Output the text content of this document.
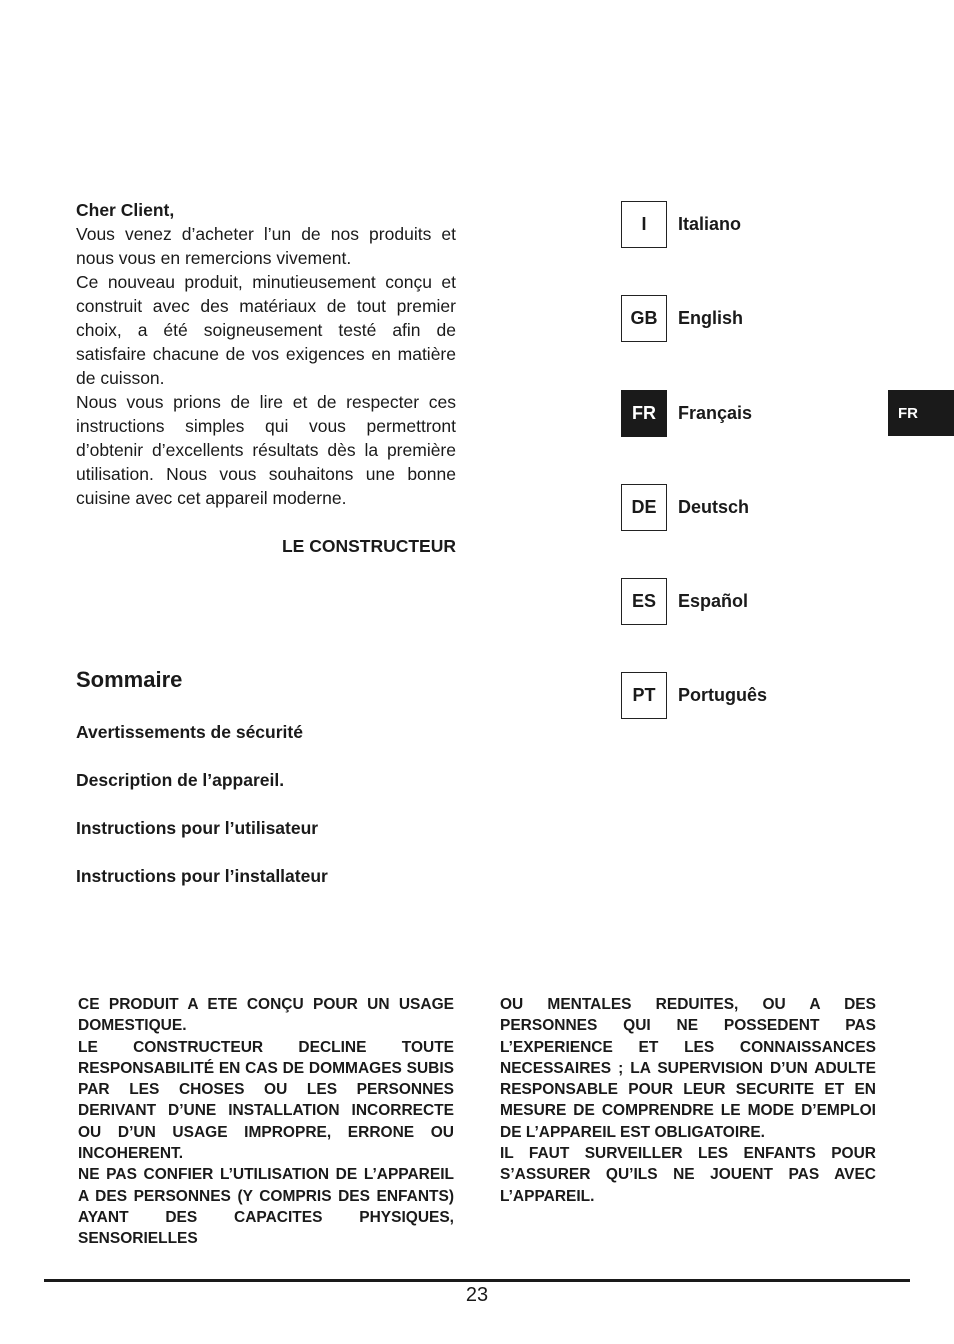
Cher Client,

Vous venez d’acheter l’un de nos produits et nous vous en remercions vivement.

Ce nouveau produit, minutieusement conçu et construit avec des matériaux de tout premier choix, a été soigneusement testé afin de satisfaire chacune de vos exigences en matière de cuisson.

Nous vous prions de lire et de respecter ces instructions simples qui vous permettront d’obtenir d’excellents résultats dès la première utilisation. Nous vous souhaitons une bonne cuisine avec cet appareil moderne.

LE CONSTRUCTEUR

Sommaire
Avertissements de sécurité
Description de l’appareil.
Instructions pour l’utilisateur
Instructions pour l’installateur
I	Italiano
GB	English
FR	Français
DE	Deutsch
ES	Español
PT	Português
FR

CE PRODUIT A ETE CONÇU POUR UN USAGE DOMESTIQUE.

LE CONSTRUCTEUR DECLINE TOUTE RESPONSABILITÉ EN CAS DE DOMMAGES SUBIS PAR LES CHOSES OU LES PERSONNES DERIVANT D’UNE INSTALLATION INCORRECTE OU D’UN USAGE IMPROPRE, ERRONE OU INCOHERENT.

NE PAS CONFIER L’UTILISATION DE L’APPAREIL A DES PERSONNES (Y COMPRIS DES ENFANTS) AYANT DES CAPACITES PHYSIQUES, SENSORIELLES

OU MENTALES REDUITES, OU A DES PERSONNES QUI NE POSSEDENT PAS L’EXPERIENCE ET LES CONNAISSANCES NECESSAIRES ; LA SUPERVISION D’UN ADULTE RESPONSABLE POUR LEUR SECURITE ET EN MESURE DE COMPRENDRE LE MODE D’EMPLOI DE L’APPAREIL EST OBLIGATOIRE.

IL FAUT SURVEILLER LES ENFANTS POUR S’ASSURER QU’ILS NE JOUENT PAS AVEC L’APPAREIL.

23
